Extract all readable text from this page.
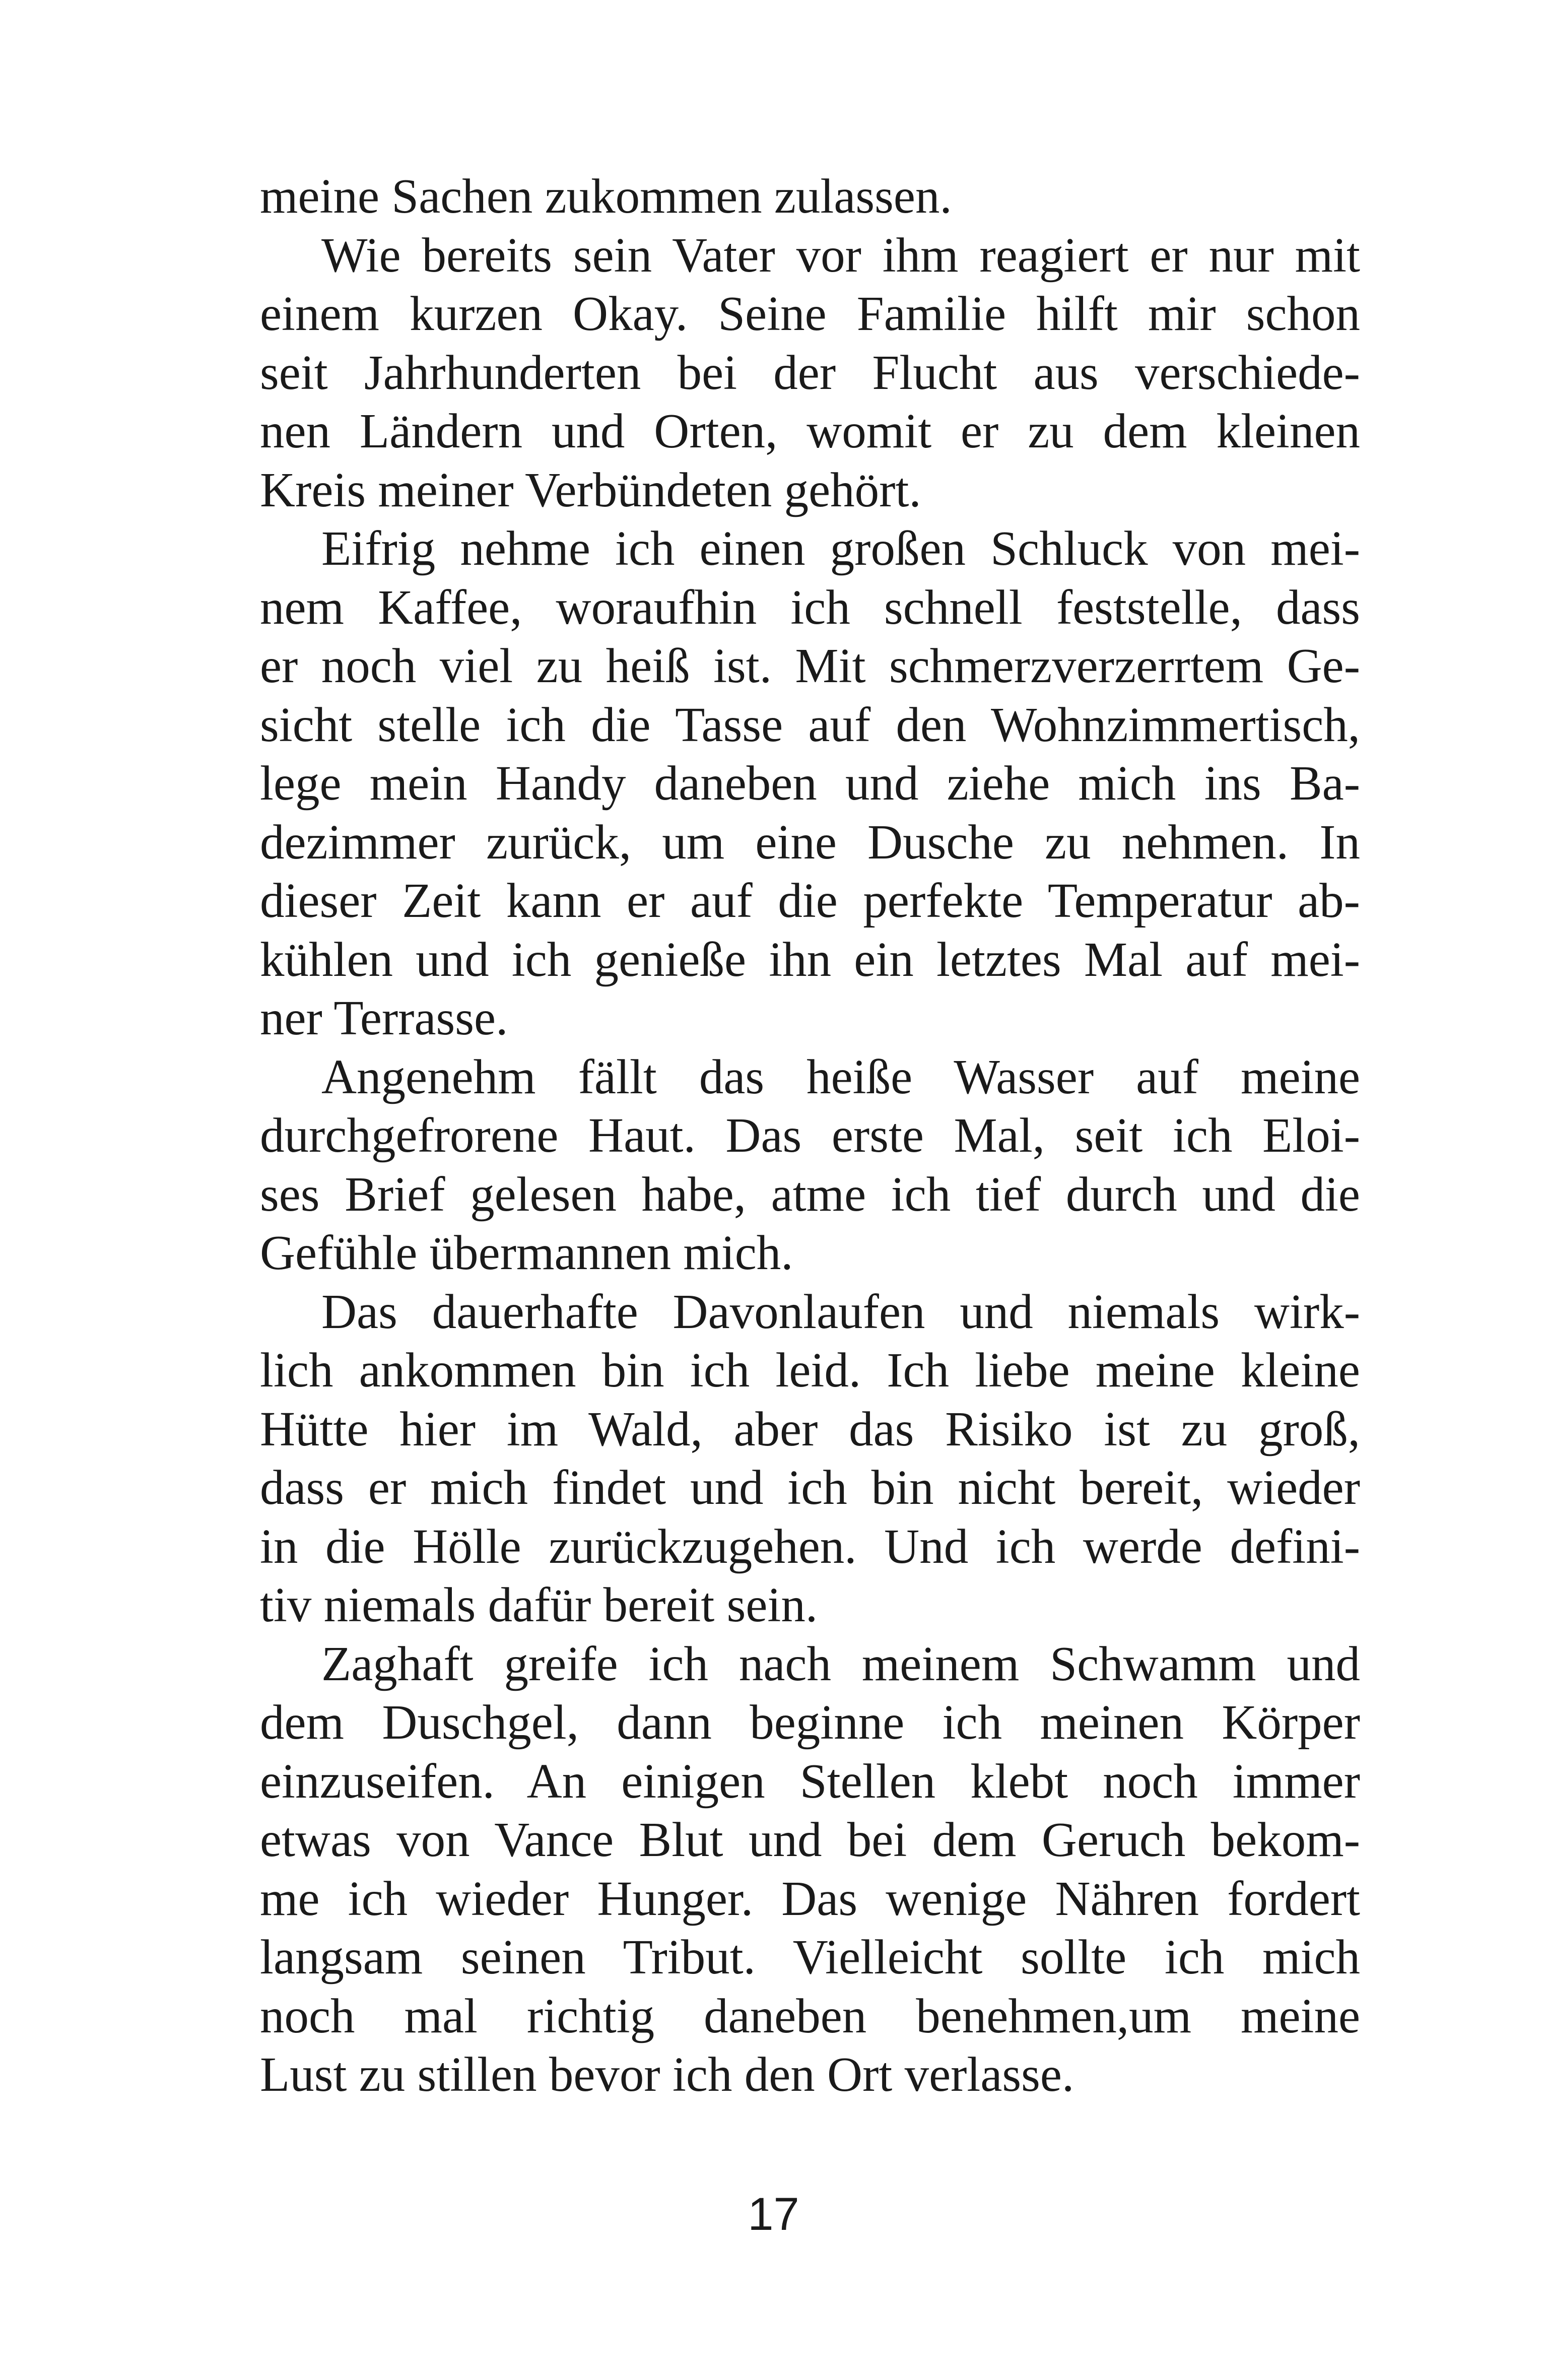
meine Sachen zukommen zulassen.
Wie bereits sein Vater vor ihm reagiert er nur mit
einem kurzen Okay. Seine Familie hilft mir schon
seit Jahrhunderten bei der Flucht aus verschiede-
nen Ländern und Orten, womit er zu dem kleinen
Kreis meiner Verbündeten gehört.
Eifrig nehme ich einen großen Schluck von mei-
nem Kaffee, woraufhin ich schnell feststelle, dass
er noch viel zu heiß ist. Mit schmerzverzerrtem Ge-
sicht stelle ich die Tasse auf den Wohnzimmertisch,
lege mein Handy daneben und ziehe mich ins Ba-
dezimmer zurück, um eine Dusche zu nehmen. In
dieser Zeit kann er auf die perfekte Temperatur ab-
kühlen und ich genieße ihn ein letztes Mal auf mei-
ner Terrasse.
Angenehm fällt das heiße Wasser auf meine
durchgefrorene Haut. Das erste Mal, seit ich Eloi-
ses Brief gelesen habe, atme ich tief durch und die
Gefühle übermannen mich.
Das dauerhafte Davonlaufen und niemals wirk-
lich ankommen bin ich leid. Ich liebe meine kleine
Hütte hier im Wald, aber das Risiko ist zu groß,
dass er mich findet und ich bin nicht bereit, wieder
in die Hölle zurückzugehen. Und ich werde defini-
tiv niemals dafür bereit sein.
Zaghaft greife ich nach meinem Schwamm und
dem Duschgel, dann beginne ich meinen Körper
einzuseifen. An einigen Stellen klebt noch immer
etwas von Vance Blut und bei dem Geruch bekom-
me ich wieder Hunger. Das wenige Nähren fordert
langsam seinen Tribut. Vielleicht sollte ich mich
noch mal richtig daneben benehmen,um meine
Lust zu stillen bevor ich den Ort verlasse.
17
